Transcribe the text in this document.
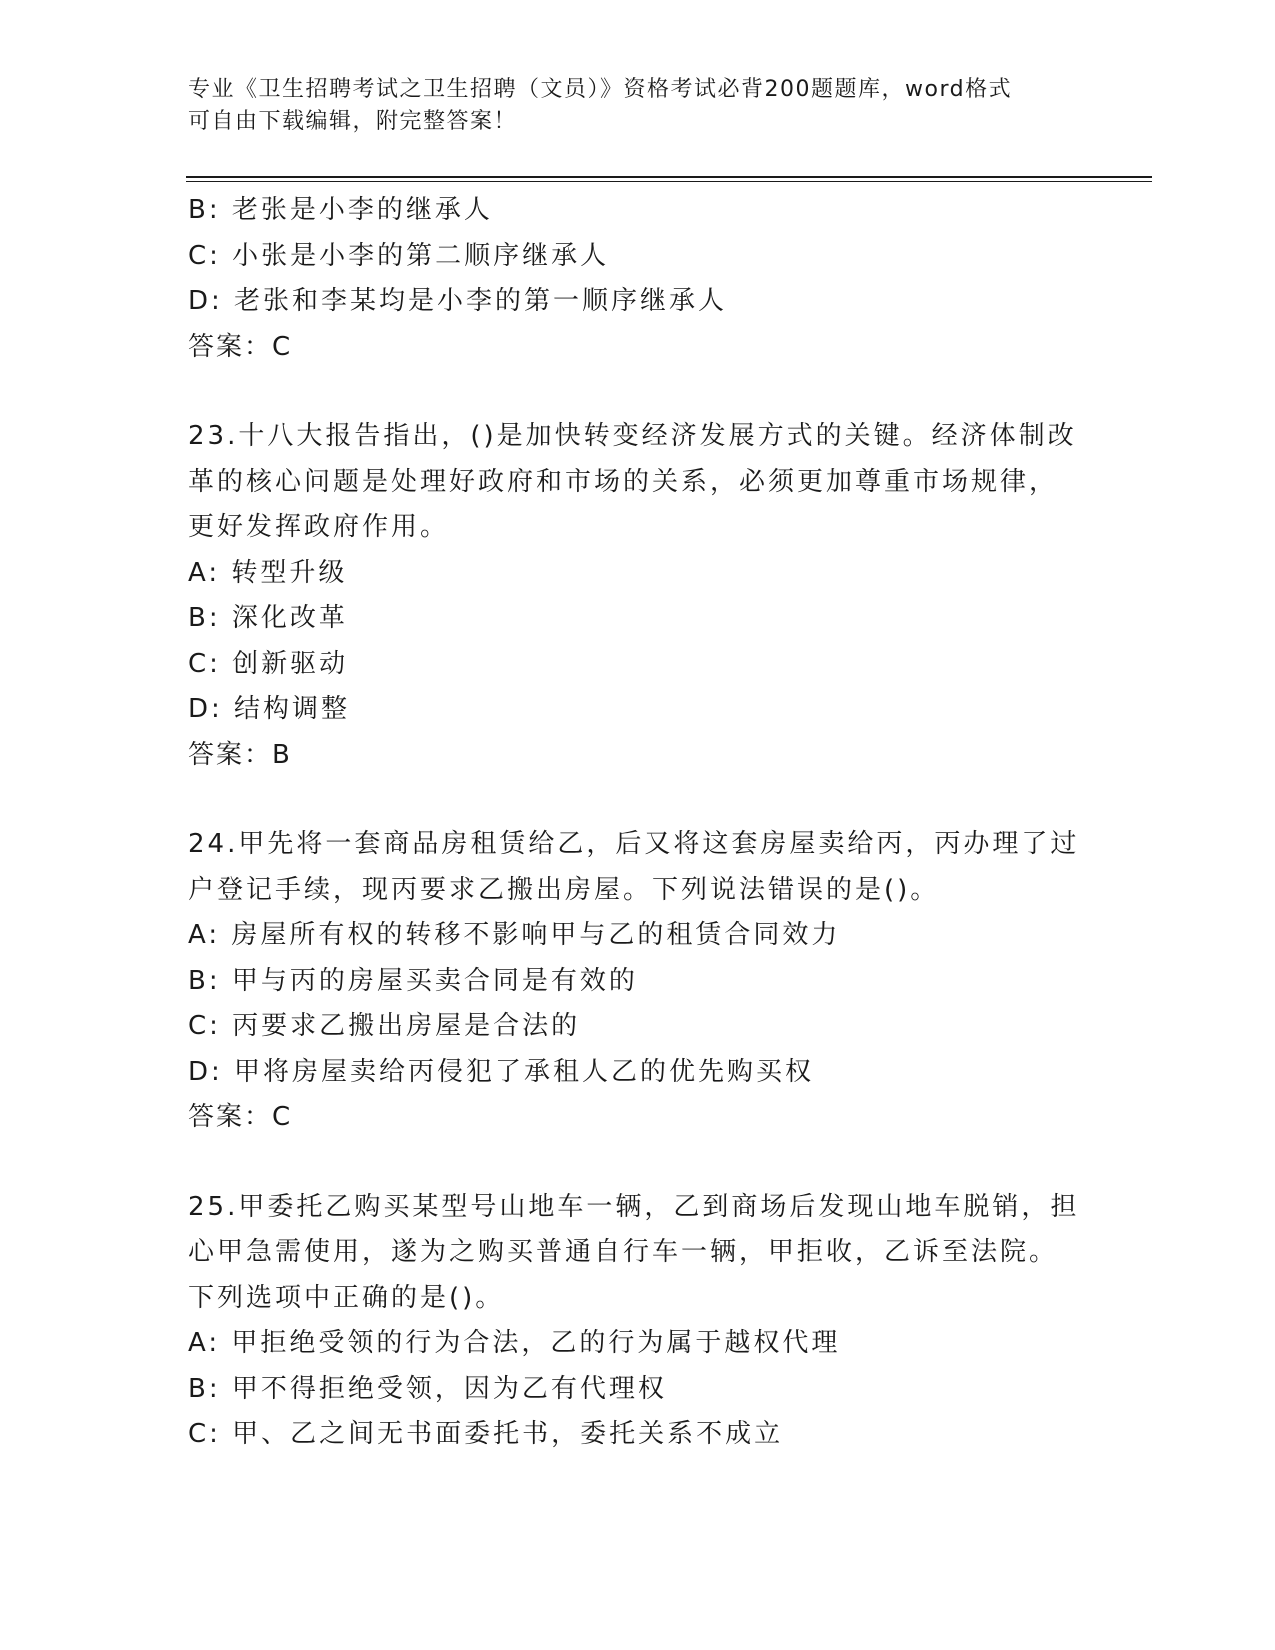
专业《卫生招聘考试之卫生招聘（文员）》资格考试必背200题题库，word格式
可自由下载编辑，附完整答案！
B: 老张是小李的继承人
C: 小张是小李的第二顺序继承人
D: 老张和李某均是小李的第一顺序继承人
答案：C
23.十八大报告指出，()是加快转变经济发展方式的关键。经济体制改
革的核心问题是处理好政府和市场的关系，必须更加尊重市场规律，
更好发挥政府作用。
A: 转型升级
B: 深化改革
C: 创新驱动
D: 结构调整
答案：B
24.甲先将一套商品房租赁给乙，后又将这套房屋卖给丙，丙办理了过
户登记手续，现丙要求乙搬出房屋。下列说法错误的是()。
A: 房屋所有权的转移不影响甲与乙的租赁合同效力
B: 甲与丙的房屋买卖合同是有效的
C: 丙要求乙搬出房屋是合法的
D: 甲将房屋卖给丙侵犯了承租人乙的优先购买权
答案：C
25.甲委托乙购买某型号山地车一辆，乙到商场后发现山地车脱销，担
心甲急需使用，遂为之购买普通自行车一辆，甲拒收，乙诉至法院。
下列选项中正确的是()。
A: 甲拒绝受领的行为合法，乙的行为属于越权代理
B: 甲不得拒绝受领，因为乙有代理权
C: 甲、乙之间无书面委托书，委托关系不成立
